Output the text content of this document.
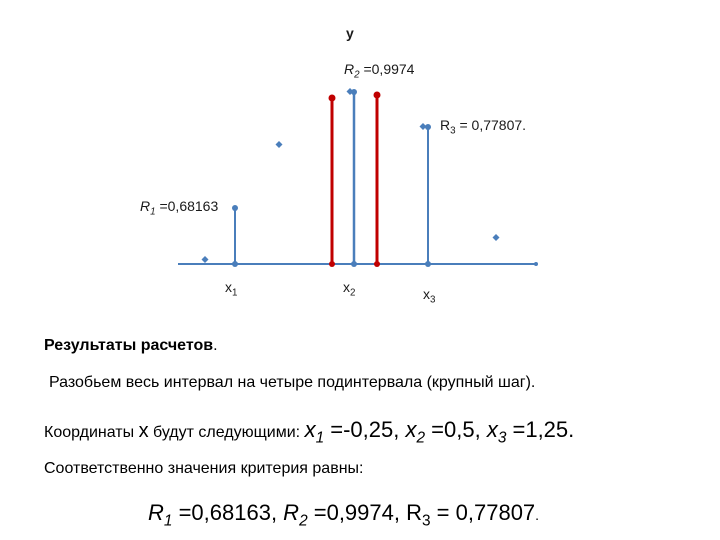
y
$R_2 =0,9974$
$R_3 = 0,77807$.
$R_1 =0,68163$
$x_1$	$x_2$	$x_3$
Результаты расчетов.
Разобьем весь интервал на четыре подинтервала (крупный шаг).
Координаты x будут следующими: $x_1 =-0,25$, $x_2 =0,5$, $x_3 =1,25$.
Соответственно значения критерия равны:
$R_1 =0,68163$, $R_2 =0,9974$, $R_3 = 0,77807$.
